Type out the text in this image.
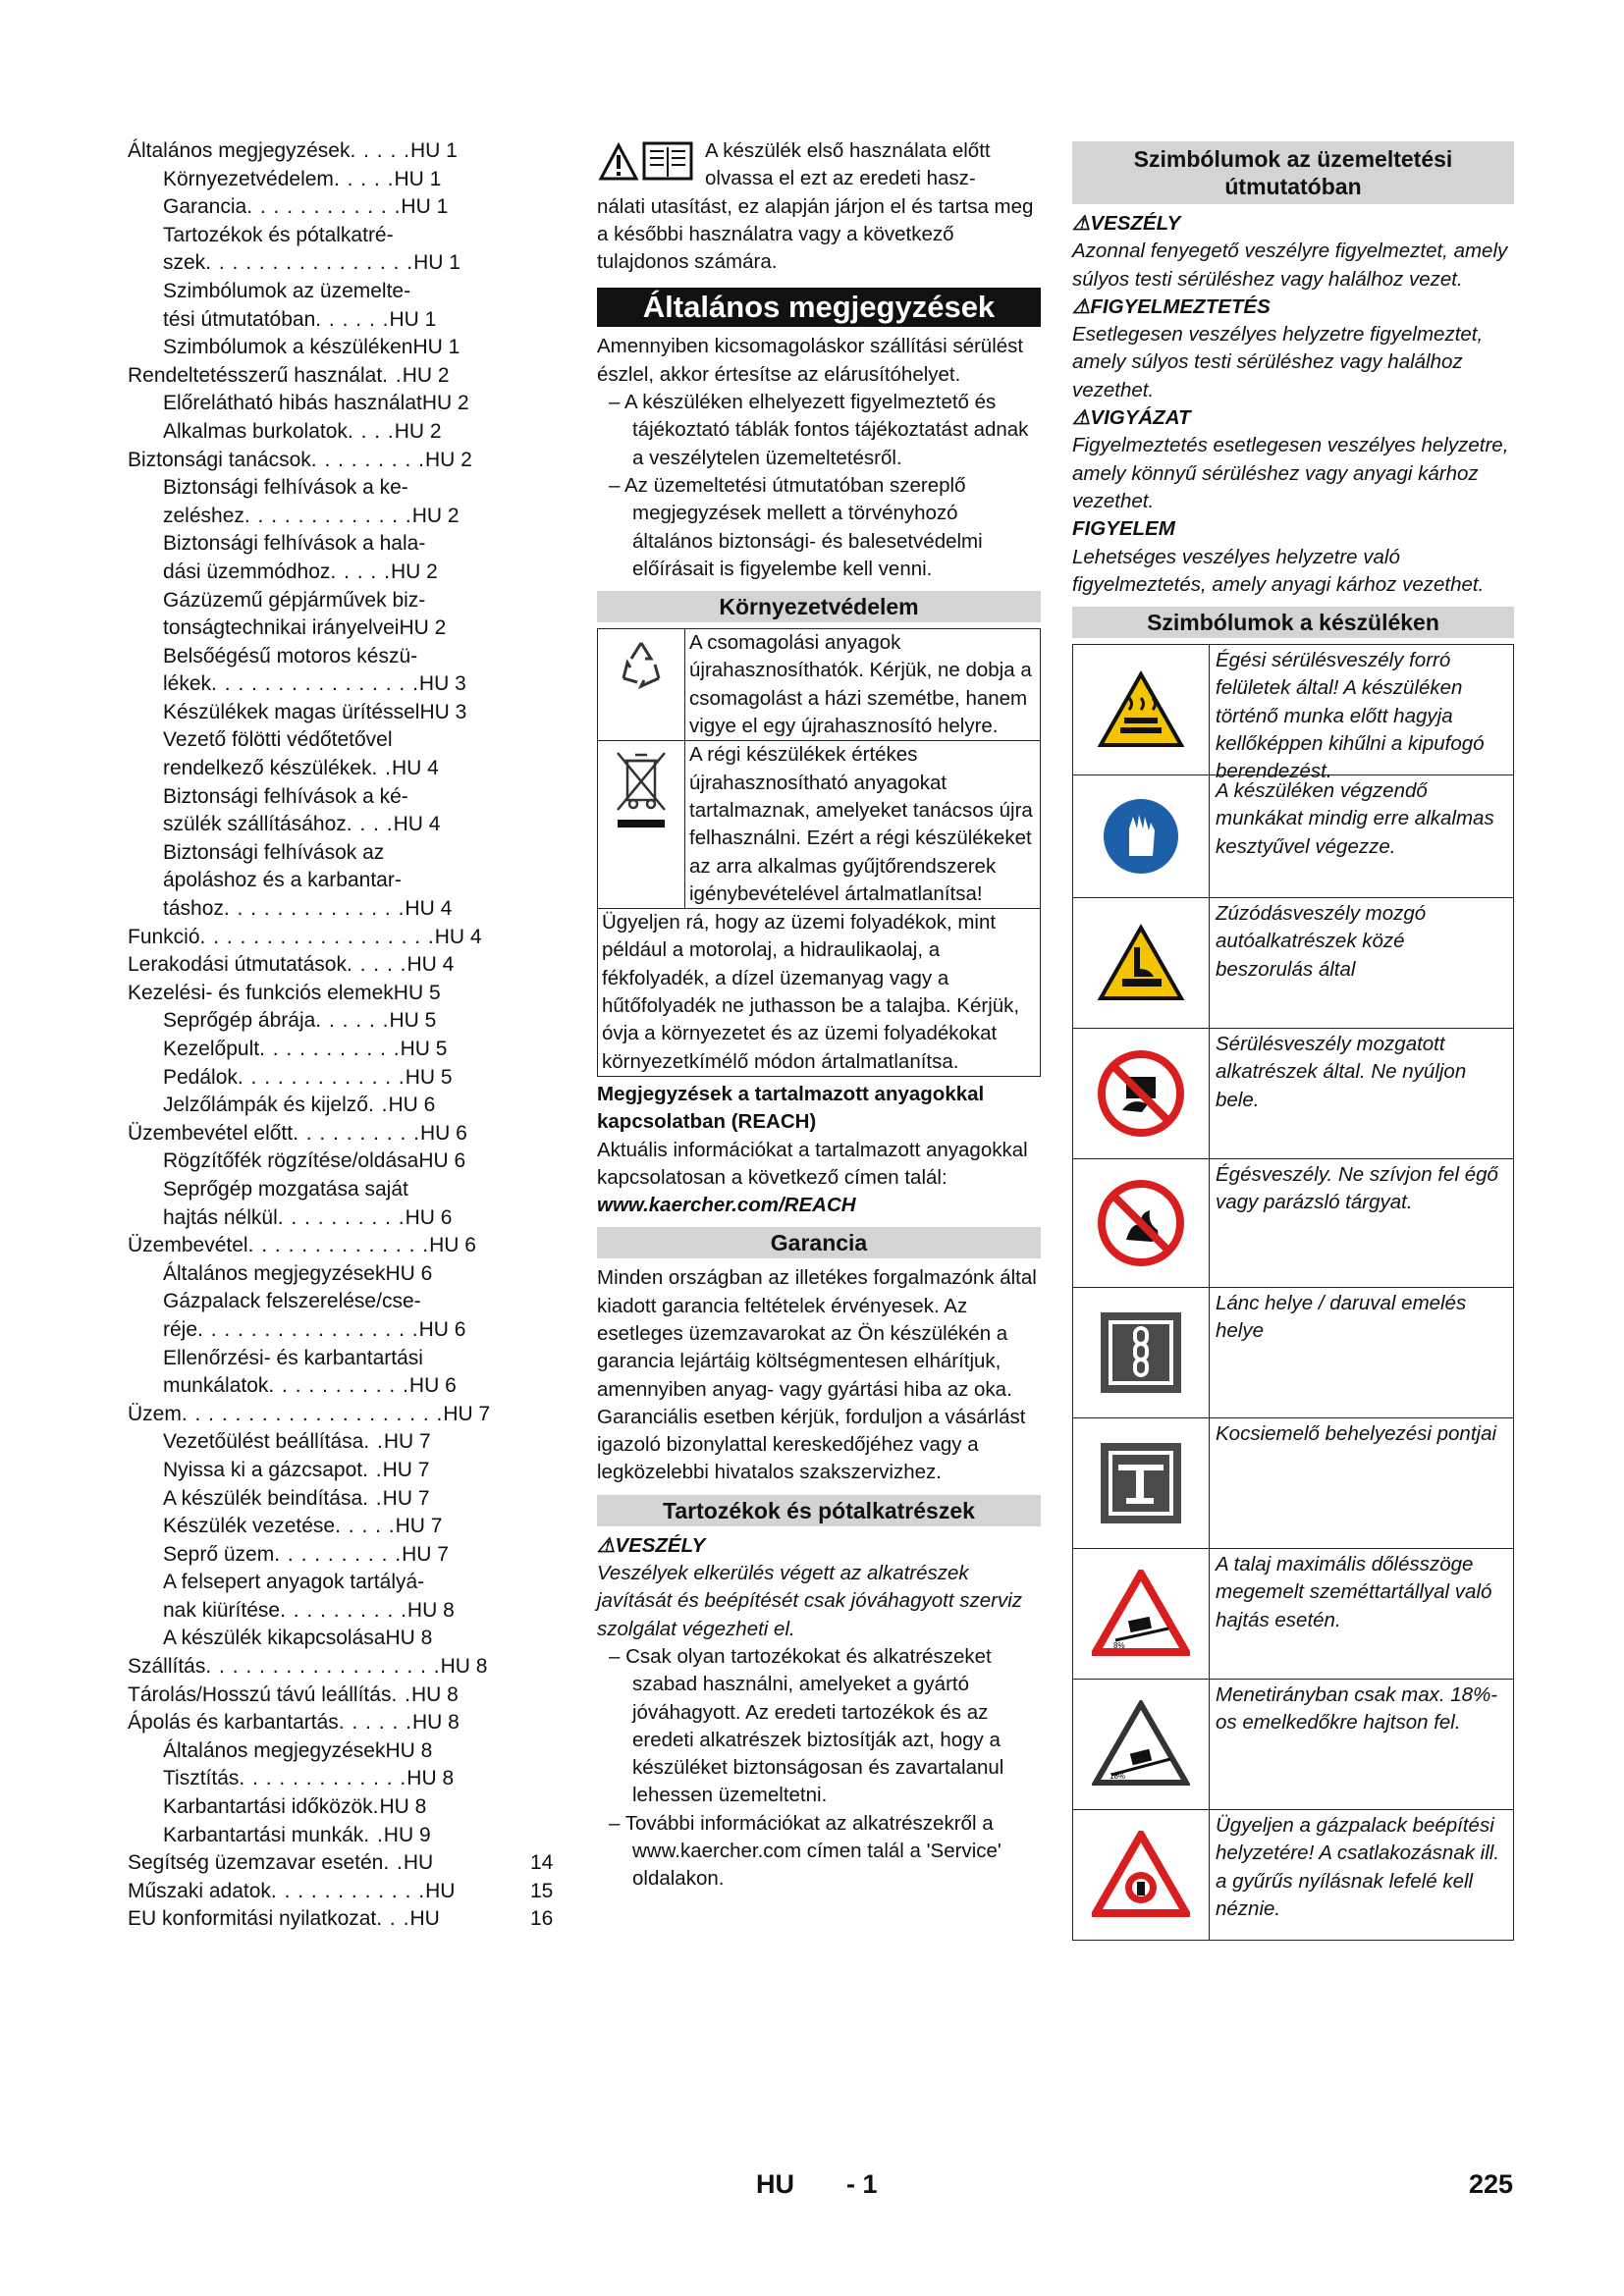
Általános megjegyzések . . . . . HU 1
Környezetvédelem . . . . . HU 1
Garancia . . . . . . . . . . . . HU 1
Tartozékok és pótalkatré-
szek . . . . . . . . . . . . . . . . HU 1
Szimbólumok az üzemelte-
tési útmutatóban . . . . . . HU 1
Szimbólumok a készüléken HU 1
Rendeltetésszerű használat . . HU 2
Előrelátható hibás használat HU 2
Alkalmas burkolatok . . . . HU 2
Biztonsági tanácsok . . . . . . . . . HU 2
Biztonsági felhívások a ke-
zeléshez . . . . . . . . . . . . . HU 2
Biztonsági felhívások a hala-
dási üzemmódhoz . . . . . HU 2
Gázüzemű gépjárművek biz-
tonságtechnikai irányelvei HU 2
Belsőégésű motoros készü-
lékek . . . . . . . . . . . . . . . . HU 3
Készülékek magas ürítéssel HU 3
Vezető fölötti védőtetővel
rendelkező készülékek . . HU 4
Biztonsági felhívások a ké-
szülék szállításához . . . . HU 4
Biztonsági felhívások az
ápoláshoz és a karbantar-
táshoz . . . . . . . . . . . . . . HU 4
Funkció . . . . . . . . . . . . . . . . . . HU 4
Lerakodási útmutatások . . . . . HU 4
Kezelési- és funkciós elemek HU 5
Seprőgép ábrája . . . . . . HU 5
Kezelőpult . . . . . . . . . . . HU 5
Pedálok . . . . . . . . . . . . . HU 5
Jelzőlámpák és kijelző . . HU 6
Üzembevétel előtt . . . . . . . . . . HU 6
Rögzítőfék rögzítése/oldása HU 6
Seprőgép mozgatása saját
hajtás nélkül . . . . . . . . . . HU 6
Üzembevétel . . . . . . . . . . . . . . HU 6
Általános megjegyzések HU 6
Gázpalack felszerelése/cse-
réje . . . . . . . . . . . . . . . . . HU 6
Ellenőrzési- és karbantartási
munkálatok . . . . . . . . . . . HU 6
Üzem . . . . . . . . . . . . . . . . . . . . HU 7
Vezetőülést beállítása . . HU 7
Nyissa ki a gázcsapot . . HU 7
A készülék beindítása . . HU 7
Készülék vezetése . . . . . HU 7
Seprő üzem . . . . . . . . . . HU 7
A felsepert anyagok tartályá-
nak kiürítése . . . . . . . . . . HU 8
A készülék kikapcsolása HU 8
Szállítás . . . . . . . . . . . . . . . . . . HU 8
Tárolás/Hosszú távú leállítás . . HU 8
Ápolás és karbantartás . . . . . . HU 8
Általános megjegyzések HU 8
Tisztítás . . . . . . . . . . . . . HU 8
Karbantartási időközök . HU 8
Karbantartási munkák . . HU 9
Segítség üzemzavar esetén . . HU	14
Műszaki adatok . . . . . . . . . . . . HU	15
EU konformitási nyilatkozat . . . HU	16

A készülék első használata előtt olvassa el ezt az eredeti hasz-

nálati utasítást, ez alapján járjon el és tartsa meg a későbbi használatra vagy a következő tulajdonos számára.

Általános megjegyzések

Amennyiben kicsomagoláskor szállítási sérülést észlel, akkor értesítse az elárusítóhelyet.

– A készüléken elhelyezett figyelmeztető és tájékoztató táblák fontos tájékoztatást adnak a veszélytelen üzemeltetésről.

– Az üzemeltetési útmutatóban szereplő megjegyzések mellett a törvényhozó általános biztonsági- és balesetvédelmi előírásait is figyelembe kell venni.

Környezetvédelem
A csomagolási anyagok újrahasznosíthatók. Kérjük, ne dobja a csomagolást a házi szemétbe, hanem vigye el egy újrahasznosító helyre.
A régi készülékek értékes újrahasznosítható anyagokat tartalmaznak, amelyeket tanácsos újra felhasználni. Ezért a régi készülékeket az arra alkalmas gyűjtőrendszerek igénybevételével ártalmatlanítsa!
Ügyeljen rá, hogy az üzemi folyadékok, mint például a motorolaj, a hidraulikaolaj, a fékfolyadék, a dízel üzemanyag vagy a hűtőfolyadék ne juthasson be a talajba. Kérjük, óvja a környezetet és az üzemi folyadékokat környezetkímélő módon ártalmatlanítsa.

Megjegyzések a tartalmazott anyagokkal kapcsolatban (REACH)

Aktuális információkat a tartalmazott anyagokkal kapcsolatosan a következő címen talál:

www.kaercher.com/REACH

Garancia

Minden országban az illetékes forgalmazónk által kiadott garancia feltételek érvényesek. Az esetleges üzemzavarokat az Ön készülékén a garancia lejártáig költségmentesen elhárítjuk, amennyiben anyag- vagy gyártási hiba az oka. Garanciális esetben kérjük, forduljon a vásárlást igazoló bizonylattal kereskedőjéhez vagy a legközelebbi hivatalos szakszervizhez.

Tartozékok és pótalkatrészek

⚠VESZÉLY

Veszélyek elkerülés végett az alkatrészek javítását és beépítését csak jóváhagyott szerviz szolgálat végezheti el.

– Csak olyan tartozékokat és alkatrészeket szabad használni, amelyeket a gyártó jóváhagyott. Az eredeti tartozékok és az eredeti alkatrészek biztosítják azt, hogy a készüléket biztonságosan és zavartalanul lehessen üzemeltetni.

– További információkat az alkatrészekről a www.kaercher.com címen talál a 'Service' oldalakon.

Szimbólumok az üzemeltetési útmutatóban

⚠VESZÉLY

Azonnal fenyegető veszélyre figyelmeztet, amely súlyos testi sérüléshez vagy halálhoz vezet.

⚠FIGYELMEZTETÉS

Esetlegesen veszélyes helyzetre figyelmeztet, amely súlyos testi sérüléshez vagy halálhoz vezethet.

⚠VIGYÁZAT

Figyelmeztetés esetlegesen veszélyes helyzetre, amely könnyű sérüléshez vagy anyagi kárhoz vezethet.

FIGYELEM

Lehetséges veszélyes helyzetre való figyelmeztetés, amely anyagi kárhoz vezethet.

Szimbólumok a készüléken
Égési sérülésveszély forró felületek által! A készüléken történő munka előtt hagyja kellőképpen kihűlni a kipufogó berendezést.
A készüléken végzendő munkákat mindig erre alkalmas kesztyűvel végezze.
Zúzódásveszély mozgó autóalkatrészek közé beszorulás által
Sérülésveszély mozgatott alkatrészek által. Ne nyúljon bele.
Égésveszély. Ne szívjon fel égő vagy parázsló tárgyat.
Lánc helye / daruval emelés helye
Kocsiemelő behelyezési pontjai
8%
A talaj maximális dőlésszöge megemelt szeméttartállyal való hajtás esetén.
18%
Menetirányban csak max. 18%-os emelkedőkre hajtson fel.
Ügyeljen a gázpalack beépítési helyzetére! A csatlakozásnak ill. a gyűrűs nyílásnak lefelé kell néznie.
HU - 1	225
